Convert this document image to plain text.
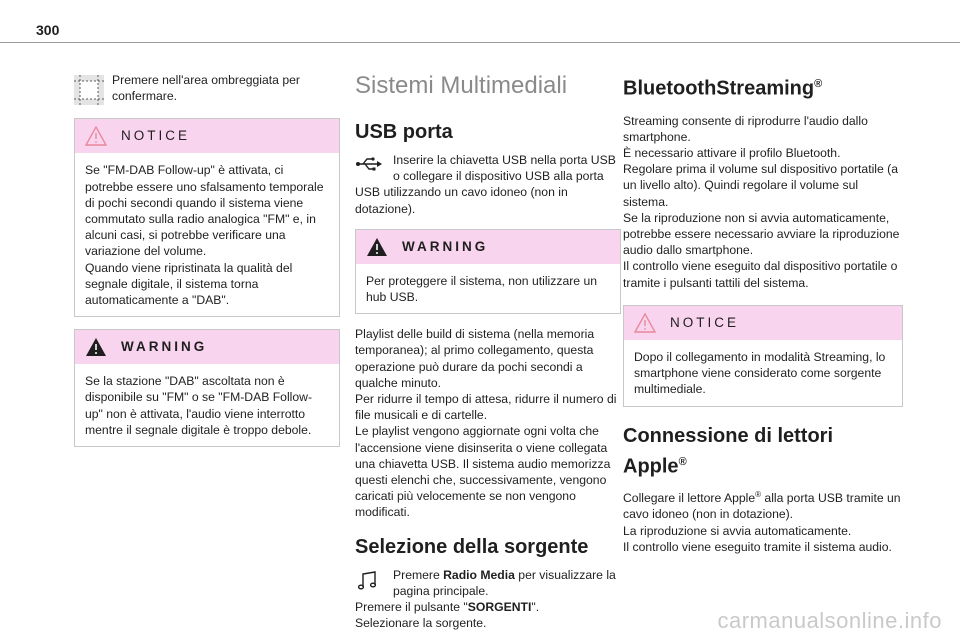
300
Premere nell'area ombreggiata per confermare.
NOTICE

Se "FM-DAB Follow-up" è attivata, ci potrebbe essere uno sfalsamento temporale di pochi secondi quando il sistema viene commutato sulla radio analogica "FM" e, in alcuni casi, si potrebbe verificare una variazione del volume.

Quando viene ripristinata la qualità del segnale digitale, il sistema torna automaticamente a "DAB".

WARNING

Se la stazione "DAB" ascoltata non è disponibile su "FM" o se "FM-DAB Follow-up" non è attivata, l'audio viene interrotto mentre il segnale digitale è troppo debole.

Sistemi Multimediali
USB porta
Inserire la chiavetta USB nella porta USB o collegare il dispositivo USB alla porta
USB utilizzando un cavo idoneo (non in dotazione).
WARNING

Per proteggere il sistema, non utilizzare un hub USB.

Playlist delle build di sistema (nella memoria temporanea); al primo collegamento, questa operazione può durare da pochi secondi a qualche minuto.

Per ridurre il tempo di attesa, ridurre il numero di file musicali e di cartelle.

Le playlist vengono aggiornate ogni volta che l'accensione viene disinserita o viene collegata una chiavetta USB. Il sistema audio memorizza questi elenchi che, successivamente, vengono caricati più velocemente se non vengono modificati.

Selezione della sorgente
Premere Radio Media per visualizzare la pagina principale.

Premere il pulsante "SORGENTI".

Selezionare la sorgente.

BluetoothStreaming®

Streaming consente di riprodurre l'audio dallo smartphone.

È necessario attivare il profilo Bluetooth.

Regolare prima il volume sul dispositivo portatile (a un livello alto). Quindi regolare il volume sul sistema.

Se la riproduzione non si avvia automaticamente, potrebbe essere necessario avviare la riproduzione audio dallo smartphone.

Il controllo viene eseguito dal dispositivo portatile o tramite i pulsanti tattili del sistema.

NOTICE

Dopo il collegamento in modalità Streaming, lo smartphone viene considerato come sorgente multimediale.

Connessione di lettori
Apple®

Collegare il lettore Apple® alla porta USB tramite un cavo idoneo (non in dotazione).

La riproduzione si avvia automaticamente.

Il controllo viene eseguito tramite il sistema audio.

carmanualsonline.info
